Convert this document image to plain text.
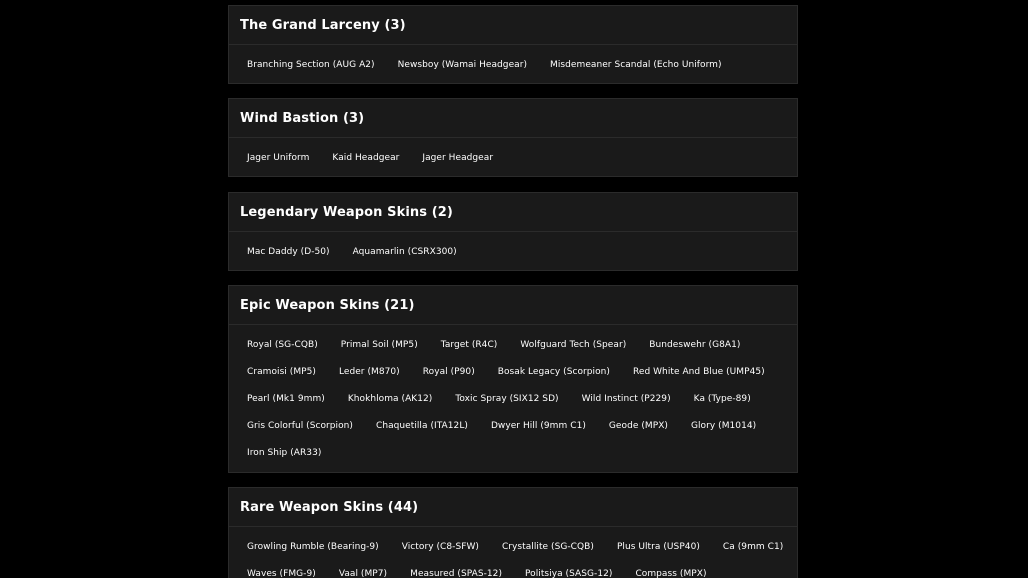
The Grand Larceny (3)
Branching Section (AUG A2)	Newsboy (Wamai Headgear)	Misdemeaner Scandal (Echo Uniform)
Wind Bastion (3)
Jager Uniform	Kaid Headgear	Jager Headgear
Legendary Weapon Skins (2)
Mac Daddy (D-50)	Aquamarlin (CSRX300)
Epic Weapon Skins (21)
Royal (SG-CQB)	Primal Soil (MP5)	Target (R4C)	Wolfguard Tech (Spear)	Bundeswehr (G8A1)
Cramoisi (MP5)	Leder (M870)	Royal (P90)	Bosak Legacy (Scorpion)	Red White And Blue (UMP45)
Pearl (Mk1 9mm)	Khokhloma (AK12)	Toxic Spray (SIX12 SD)	Wild Instinct (P229)	Ka (Type-89)
Gris Colorful (Scorpion)	Chaquetilla (ITA12L)	Dwyer Hill (9mm C1)	Geode (MPX)	Glory (M1014)
Iron Ship (AR33)
Rare Weapon Skins (44)
Growling Rumble (Bearing-9)	Victory (C8-SFW)	Crystallite (SG-CQB)	Plus Ultra (USP40)	Ca (9mm C1)
Waves (FMG-9)	Vaal (MP7)	Measured (SPAS-12)	Politsiya (SASG-12)	Compass (MPX)
